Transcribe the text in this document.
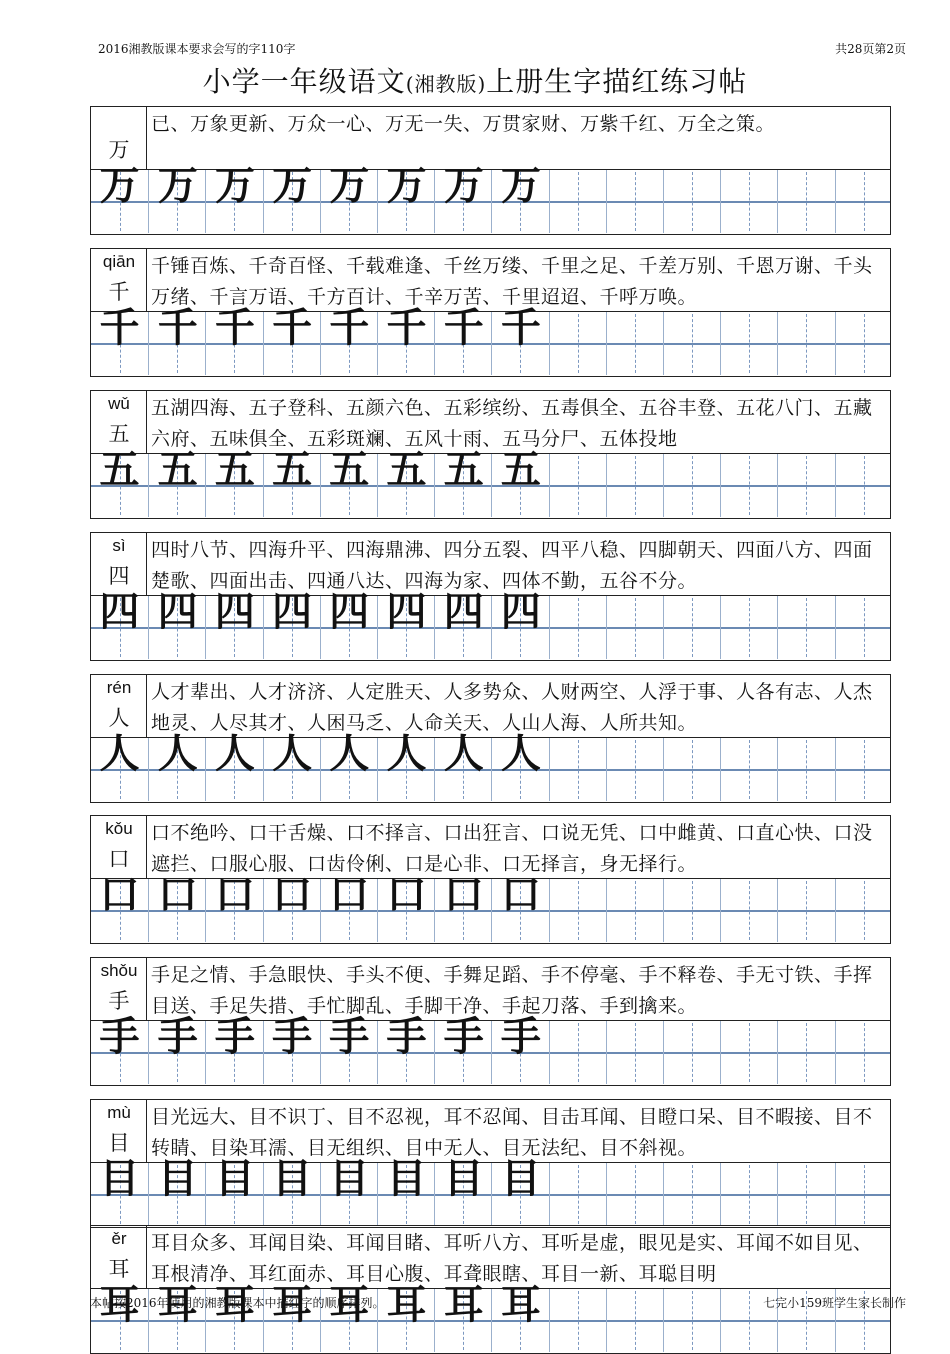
2016湘教版课本要求会写的字110字	共28页第2页
小学一年级语文(湘教版)上册生字描红练习帖
万
已、万象更新、万众一心、万无一失、万贯家财、万紫千红、万全之策。
万 万 万 万 万 万 万 万
qiān
千
千锤百炼、千奇百怪、千载难逢、千丝万缕、千里之足、千差万别、千恩万谢、千头万绪、千言万语、千方百计、千辛万苦、千里迢迢、千呼万唤。
千 千 千 千 千 千 千 千
wǔ
五
五湖四海、五子登科、五颜六色、五彩缤纷、五毒俱全、五谷丰登、五花八门、五藏六府、五味俱全、五彩斑斓、五风十雨、五马分尸、五体投地
五 五 五 五 五 五 五 五
sì
四
四时八节、四海升平、四海鼎沸、四分五裂、四平八稳、四脚朝天、四面八方、四面楚歌、四面出击、四通八达、四海为家、四体不勤，五谷不分。
四 四 四 四 四 四 四 四
rén
人
人才辈出、人才济济、人定胜天、人多势众、人财两空、人浮于事、人各有志、人杰地灵、人尽其才、人困马乏、人命关天、人山人海、人所共知。
人 人 人 人 人 人 人 人
kǒu
口
口不绝吟、口干舌燥、口不择言、口出狂言、口说无凭、口中雌黄、口直心快、口没遮拦、口服心服、口齿伶俐、口是心非、口无择言，身无择行。
口 口 口 口 口 口 口 口
shǒu
手
手足之情、手急眼快、手头不便、手舞足蹈、手不停毫、手不释卷、手无寸铁、手挥目送、手足失措、手忙脚乱、手脚干净、手起刀落、手到擒来。
手 手 手 手 手 手 手 手
mù
目
目光远大、目不识丁、目不忍视，耳不忍闻、目击耳闻、目瞪口呆、目不暇接、目不转睛、目染耳濡、目无组织、目中无人、目无法纪、目不斜视。
目 目 目 目 目 目 目 目
ěr
耳
耳目众多、耳闻目染、耳闻目睹、耳听八方、耳听是虚，眼见是实、耳闻不如目见、耳根清净、耳红面赤、耳目心腹、耳聋眼瞎、耳目一新、耳聪目明
耳 耳 耳 耳 耳 耳 耳 耳
本帖按2016年使用的湘教版课本中描红字的顺序排列。	七完小159班学生家长制作
